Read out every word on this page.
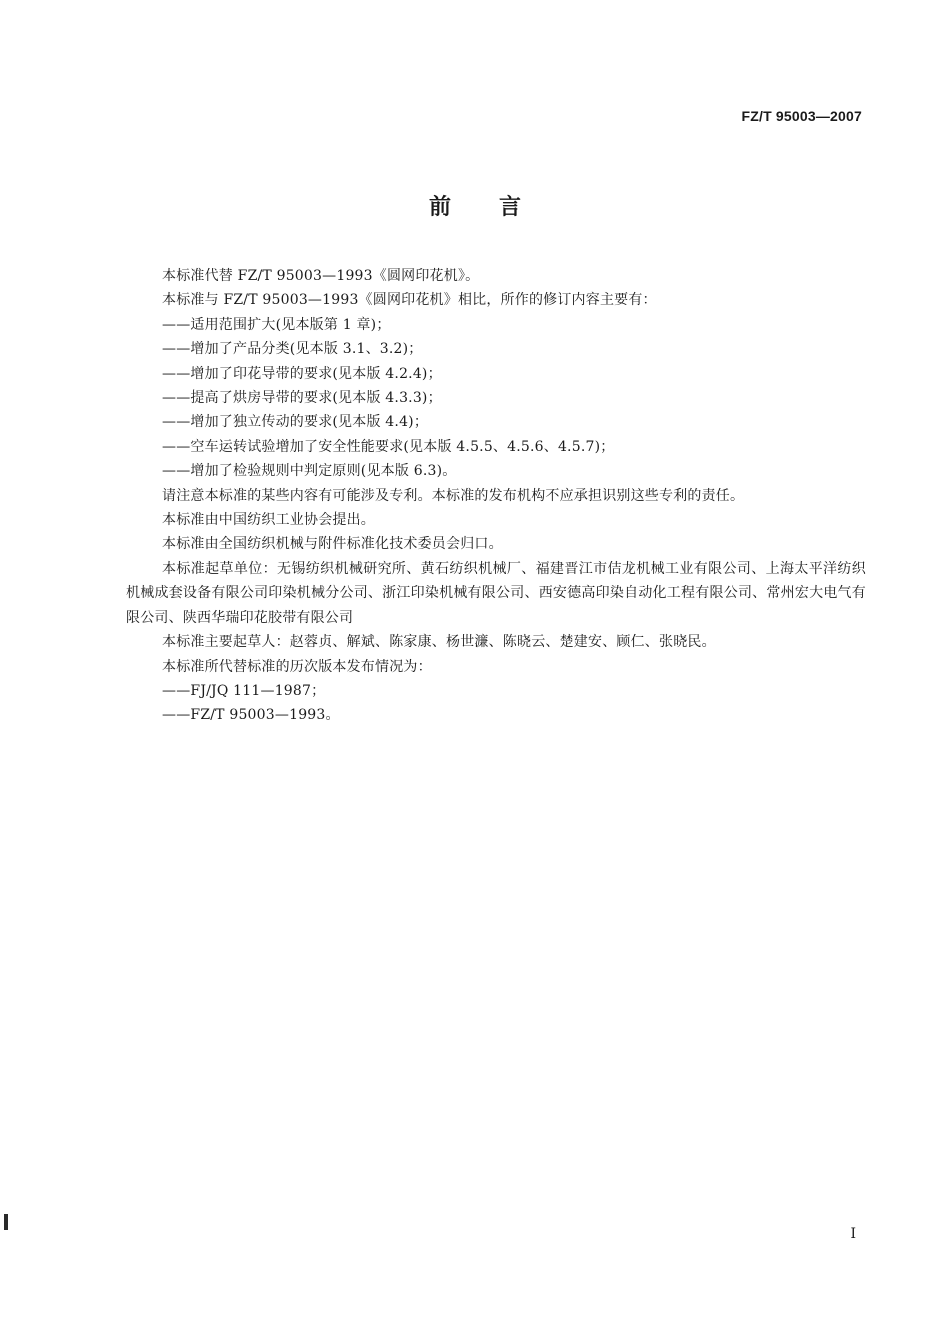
FZ/T 95003—2007
前言

本标准代替 FZ/T 95003—1993《圆网印花机》。

本标准与 FZ/T 95003—1993《圆网印花机》相比，所作的修订内容主要有：

——适用范围扩大(见本版第 1 章)；

——增加了产品分类(见本版 3.1、3.2)；

——增加了印花导带的要求(见本版 4.2.4)；

——提高了烘房导带的要求(见本版 4.3.3)；

——增加了独立传动的要求(见本版 4.4)；

——空车运转试验增加了安全性能要求(见本版 4.5.5、4.5.6、4.5.7)；

——增加了检验规则中判定原则(见本版 6.3)。

请注意本标准的某些内容有可能涉及专利。本标准的发布机构不应承担识别这些专利的责任。

本标准由中国纺织工业协会提出。

本标准由全国纺织机械与附件标准化技术委员会归口。

本标准起草单位：无锡纺织机械研究所、黄石纺织机械厂、福建晋江市佶龙机械工业有限公司、上海太平洋纺织机械成套设备有限公司印染机械分公司、浙江印染机械有限公司、西安德高印染自动化工程有限公司、常州宏大电气有限公司、陕西华瑞印花胶带有限公司

本标准主要起草人：赵蓉贞、解斌、陈家康、杨世濂、陈晓云、楚建安、顾仁、张晓民。

本标准所代替标准的历次版本发布情况为：

——FJ/JQ 111—1987；

——FZ/T 95003—1993。

I
